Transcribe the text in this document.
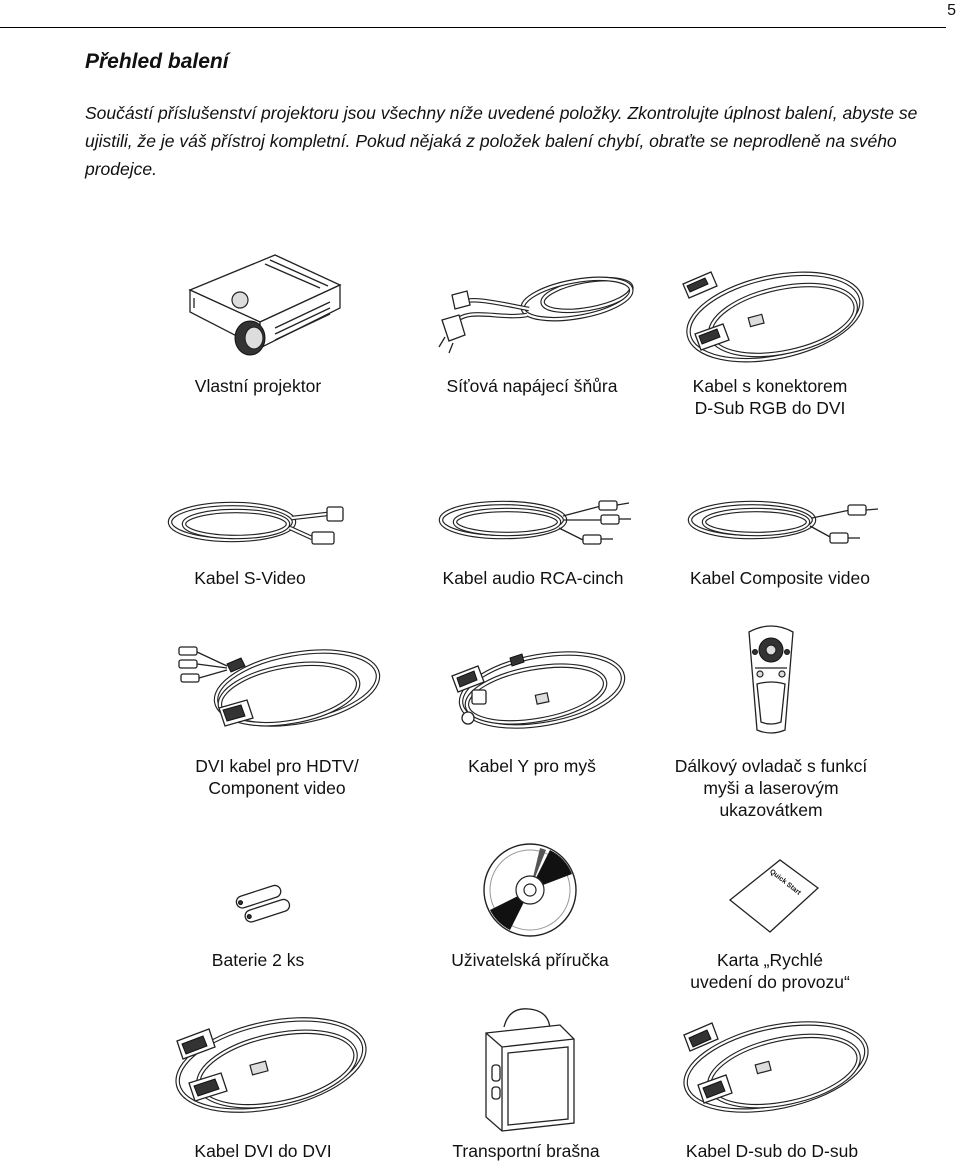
5
Přehled balení

Součástí příslušenství projektoru jsou všechny níže uvedené položky. Zkontrolujte úplnost balení, abyste se ujistili, že je váš přístroj kompletní. Pokud nějaká z položek balení chybí, obraťte se neprodleně na svého prodejce.

Vlastní projektor	Síťová napájecí šňůra	Kabel s konektorem
D-Sub RGB do DVI
Kabel S-Video	Kabel audio RCA-cinch	Kabel Composite video
DVI kabel pro HDTV/
Component video
Kabel Y pro myš	Dálkový ovladač s funkcí
myši a laserovým
ukazovátkem
Baterie 2 ks	Uživatelská příručka
Quick Start
Karta „Rychlé
uvedení do provozu“
Kabel DVI do DVI	Transportní brašna	Kabel D-sub do D-sub
